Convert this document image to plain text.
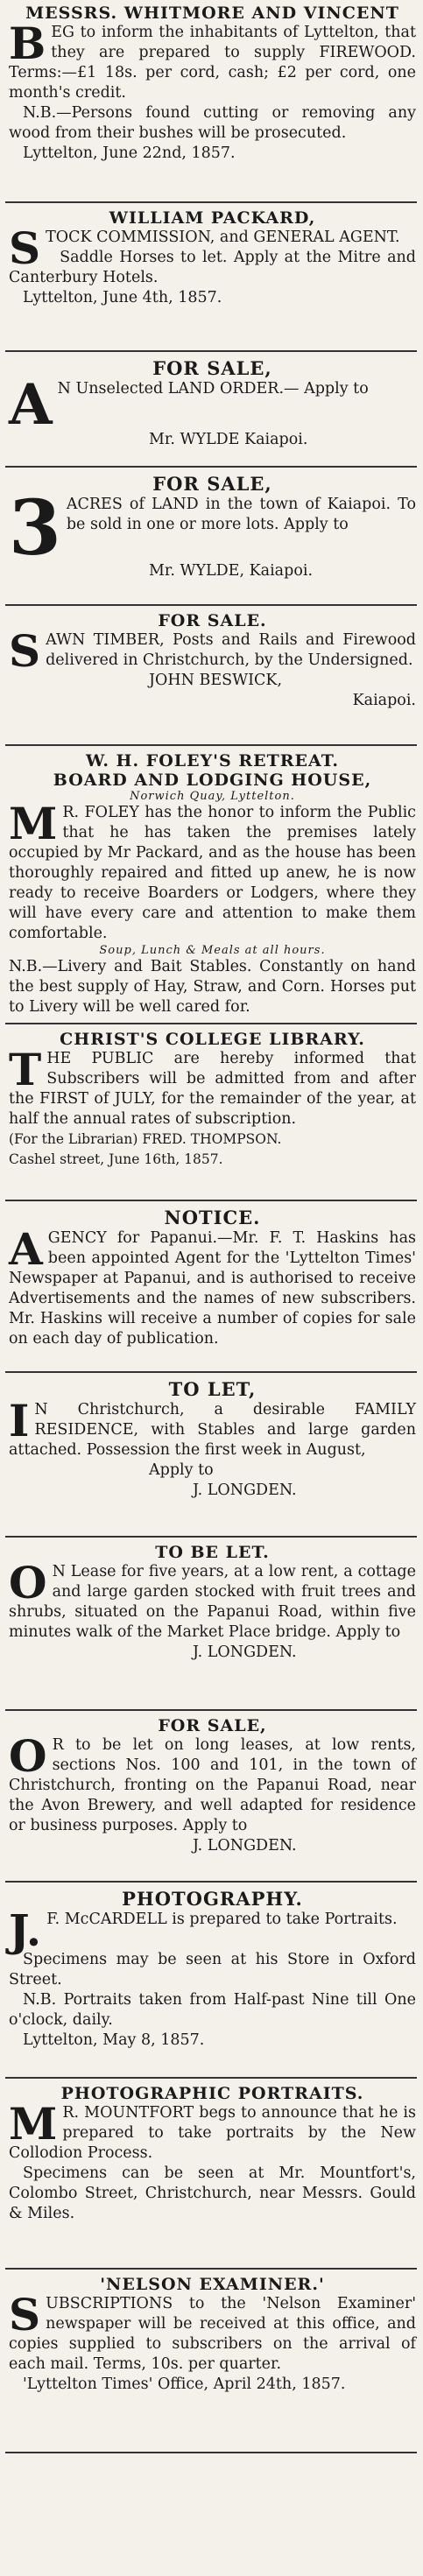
MESSRS. WHITMORE AND VINCENT

BEG to inform the inhabitants of Lyttelton, that they are prepared to supply FIREWOOD. Terms:—£1 18s. per cord, cash; £2 per cord, one month's credit.

N.B.—Persons found cutting or removing any wood from their bushes will be prosecuted.

Lyttelton, June 22nd, 1857.

WILLIAM PACKARD,

STOCK COMMISSION, and GENERAL AGENT.

Saddle Horses to let. Apply at the Mitre and Canterbury Hotels.

Lyttelton, June 4th, 1857.

FOR SALE,

A N Unselected LAND ORDER.— Apply to

Mr. WYLDE Kaiapoi.

FOR SALE,

3 ACRES of LAND in the town of Kaiapoi. To be sold in one or more lots. Apply to

Mr. WYLDE, Kaiapoi.

FOR SALE.

SAWN TIMBER, Posts and Rails and Firewood delivered in Christchurch, by the Undersigned.

JOHN BESWICK,

Kaiapoi.

W. H. FOLEY'S RETREAT.

BOARD AND LODGING HOUSE,

Norwich Quay, Lyttelton.

M R. FOLEY has the honor to inform the Public that he has taken the premises lately occupied by Mr Packard, and as the house has been thoroughly repaired and fitted up anew, he is now ready to receive Boarders or Lodgers, where they will have every care and attention to make them comfortable.

Soup, Lunch & Meals at all hours.

N.B.—Livery and Bait Stables. Constantly on hand the best supply of Hay, Straw, and Corn. Horses put to Livery will be well cared for.

CHRIST'S COLLEGE LIBRARY.

THE PUBLIC are hereby informed that Subscribers will be admitted from and after the FIRST of JULY, for the remainder of the year, at half the annual rates of subscription.

(For the Librarian) FRED. THOMPSON.

Cashel street, June 16th, 1857.

NOTICE.

AGENCY for Papanui.—Mr. F. T. Haskins has been appointed Agent for the 'Lyttelton Times' Newspaper at Papanui, and is authorised to receive Advertisements and the names of new subscribers. Mr. Haskins will receive a number of copies for sale on each day of publication.

TO LET,

I N Christchurch, a desirable FAMILY RESIDENCE, with Stables and large garden attached. Possession the first week in August,

Apply to

J. LONGDEN.

TO BE LET.

O N Lease for five years, at a low rent, a cottage and large garden stocked with fruit trees and shrubs, situated on the Papanui Road, within five minutes walk of the Market Place bridge. Apply to

J. LONGDEN.

FOR SALE,

O R to be let on long leases, at low rents, sections Nos. 100 and 101, in the town of Christchurch, fronting on the Papanui Road, near the Avon Brewery, and well adapted for residence or business purposes. Apply to

J. LONGDEN.

PHOTOGRAPHY.

J. F. McCARDELL is prepared to take Portraits.

Specimens may be seen at his Store in Oxford Street.

N.B. Portraits taken from Half-past Nine till One o'clock, daily.

Lyttelton, May 8, 1857.

PHOTOGRAPHIC PORTRAITS.

M R. MOUNTFORT begs to announce that he is prepared to take portraits by the New Collodion Process.

Specimens can be seen at Mr. Mountfort's, Colombo Street, Christchurch, near Messrs. Gould & Miles.

'NELSON EXAMINER.'

SUBSCRIPTIONS to the 'Nelson Examiner' newspaper will be received at this office, and copies supplied to subscribers on the arrival of each mail. Terms, 10s. per quarter.

'Lyttelton Times' Office, April 24th, 1857.
